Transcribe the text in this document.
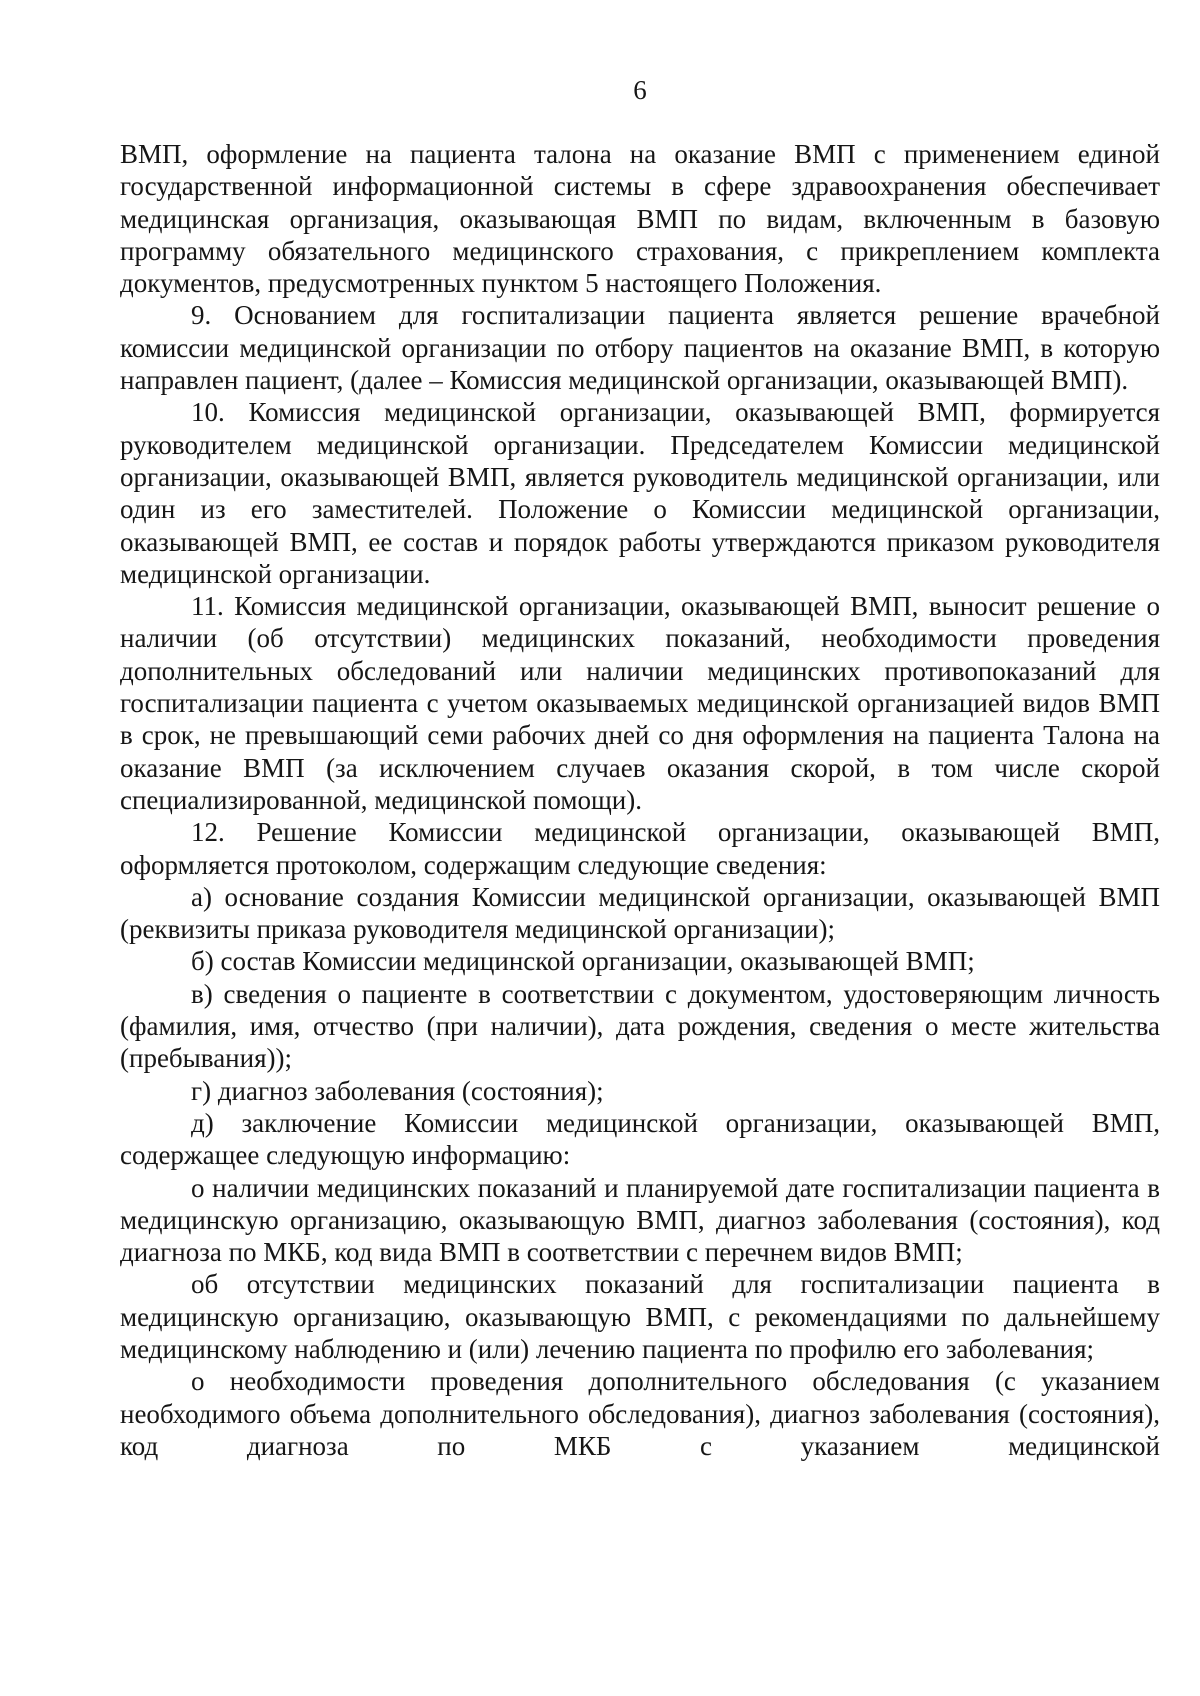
6

ВМП, оформление на пациента талона на оказание ВМП с применением единой государственной информационной системы в сфере здравоохранения обеспечивает медицинская организация, оказывающая ВМП по видам, включенным в базовую программу обязательного медицинского страхования, с прикреплением комплекта документов, предусмотренных пунктом 5 настоящего Положения.

9. Основанием для госпитализации пациента является решение врачебной комиссии медицинской организации по отбору пациентов на оказание ВМП, в которую направлен пациент, (далее – Комиссия медицинской организации, оказывающей ВМП).

10. Комиссия медицинской организации, оказывающей ВМП, формируется руководителем медицинской организации. Председателем Комиссии медицинской организации, оказывающей ВМП, является руководитель медицинской организации, или один из его заместителей. Положение о Комиссии медицинской организации, оказывающей ВМП, ее состав и порядок работы утверждаются приказом руководителя медицинской организации.

11. Комиссия медицинской организации, оказывающей ВМП, выносит решение о наличии (об отсутствии) медицинских показаний, необходимости проведения дополнительных обследований или наличии медицинских противопоказаний для госпитализации пациента с учетом оказываемых медицинской организацией видов ВМП в срок, не превышающий семи рабочих дней со дня оформления на пациента Талона на оказание ВМП (за исключением случаев оказания скорой, в том числе скорой специализированной, медицинской помощи).

12. Решение Комиссии медицинской организации, оказывающей ВМП, оформляется протоколом, содержащим следующие сведения:

а) основание создания Комиссии медицинской организации, оказывающей ВМП (реквизиты приказа руководителя медицинской организации);

б) состав Комиссии медицинской организации, оказывающей ВМП;

в) сведения о пациенте в соответствии с документом, удостоверяющим личность (фамилия, имя, отчество (при наличии), дата рождения, сведения о месте жительства (пребывания));

г) диагноз заболевания (состояния);

д) заключение Комиссии медицинской организации, оказывающей ВМП, содержащее следующую информацию:

о наличии медицинских показаний и планируемой дате госпитализации пациента в медицинскую организацию, оказывающую ВМП, диагноз заболевания (состояния), код диагноза по МКБ, код вида ВМП в соответствии с перечнем видов ВМП;

об отсутствии медицинских показаний для госпитализации пациента в медицинскую организацию, оказывающую ВМП, с рекомендациями по дальнейшему медицинскому наблюдению и (или) лечению пациента по профилю его заболевания;

о необходимости проведения дополнительного обследования (с указанием необходимого объема дополнительного обследования), диагноз заболевания (состояния), код диагноза по МКБ с указанием медицинской
